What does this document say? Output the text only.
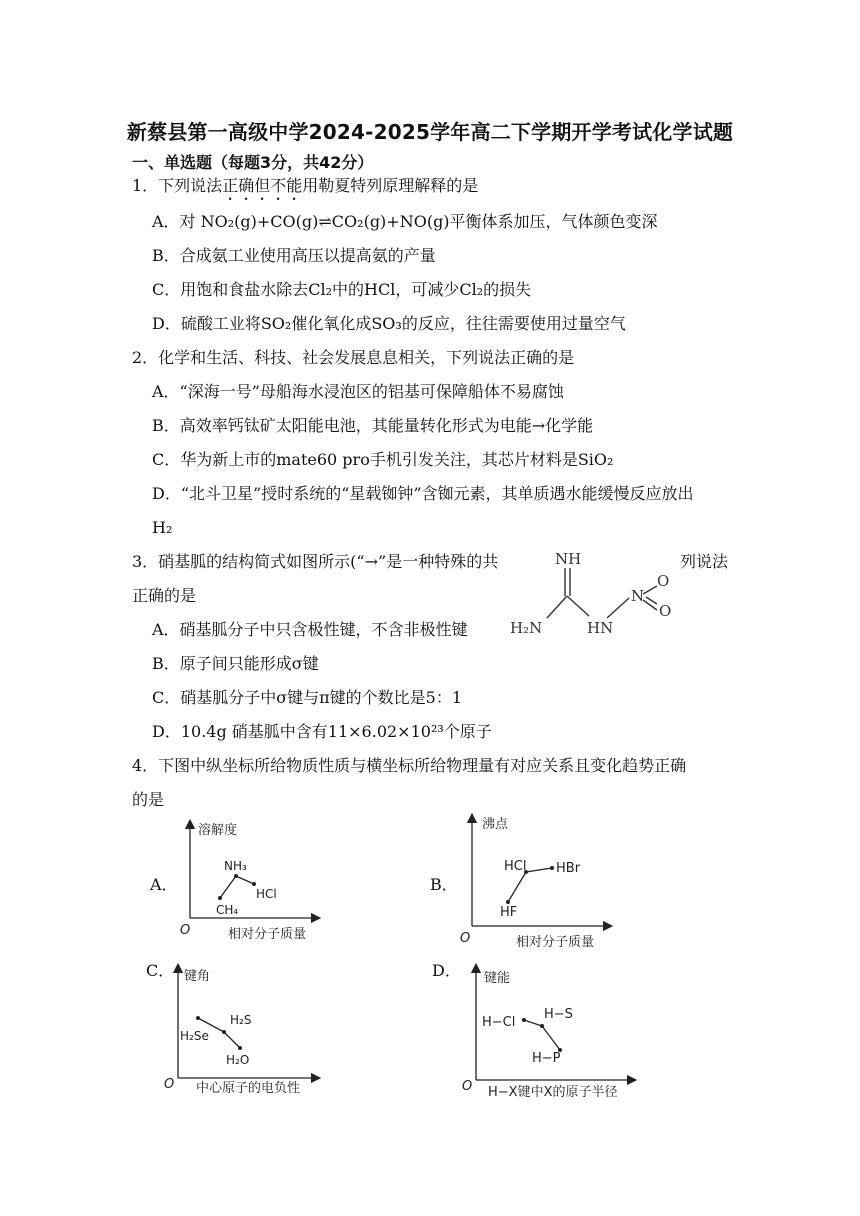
新蔡县第一高级中学2024-2025学年高二下学期开学考试化学试题
一、单选题（每题3分，共42分）
1．下列说法正确但不能用勒夏特列原理解释的是
A．对 NO₂(g)+CO(g)⇌CO₂(g)+NO(g)平衡体系加压，气体颜色变深
B．合成氨工业使用高压以提高氨的产量
C．用饱和食盐水除去Cl₂中的HCl，可减少Cl₂的损失
D．硫酸工业将SO₂催化氧化成SO₃的反应，往往需要使用过量空气
2．化学和生活、科技、社会发展息息相关，下列说法正确的是
A．“深海一号”母船海水浸泡区的铝基可保障船体不易腐蚀
B．高效率钙钛矿太阳能电池，其能量转化形式为电能→化学能
C．华为新上市的mate60 pro手机引发关注，其芯片材料是SiO₂
D．“北斗卫星”授时系统的“星载铷钟”含铷元素，其单质遇水能缓慢反应放出
H₂
3．硝基胍的结构简式如图所示(“→”是一种特殊的共	列说法
正确的是
NH
H₂N	HN
N
O
O
A．硝基胍分子中只含极性键，不含非极性键
B．原子间只能形成σ键
C．硝基胍分子中σ键与π键的个数比是5：1
D．10.4g 硝基胍中含有11×6.02×10²³个原子
4．下图中纵坐标所给物质性质与横坐标所给物理量有对应关系且变化趋势正确
的是
A．
O
溶解度
相对分子质量
NH₃
CH₄
HCl	B．
O
沸点
相对分子质量
HCl HBr
HF
C．
O
键角
中心原子的电负性
H₂Se
H₂S
H₂O
D．
O
键能
H−X键中X的原子半径
H−Cl
H−S
H−P
